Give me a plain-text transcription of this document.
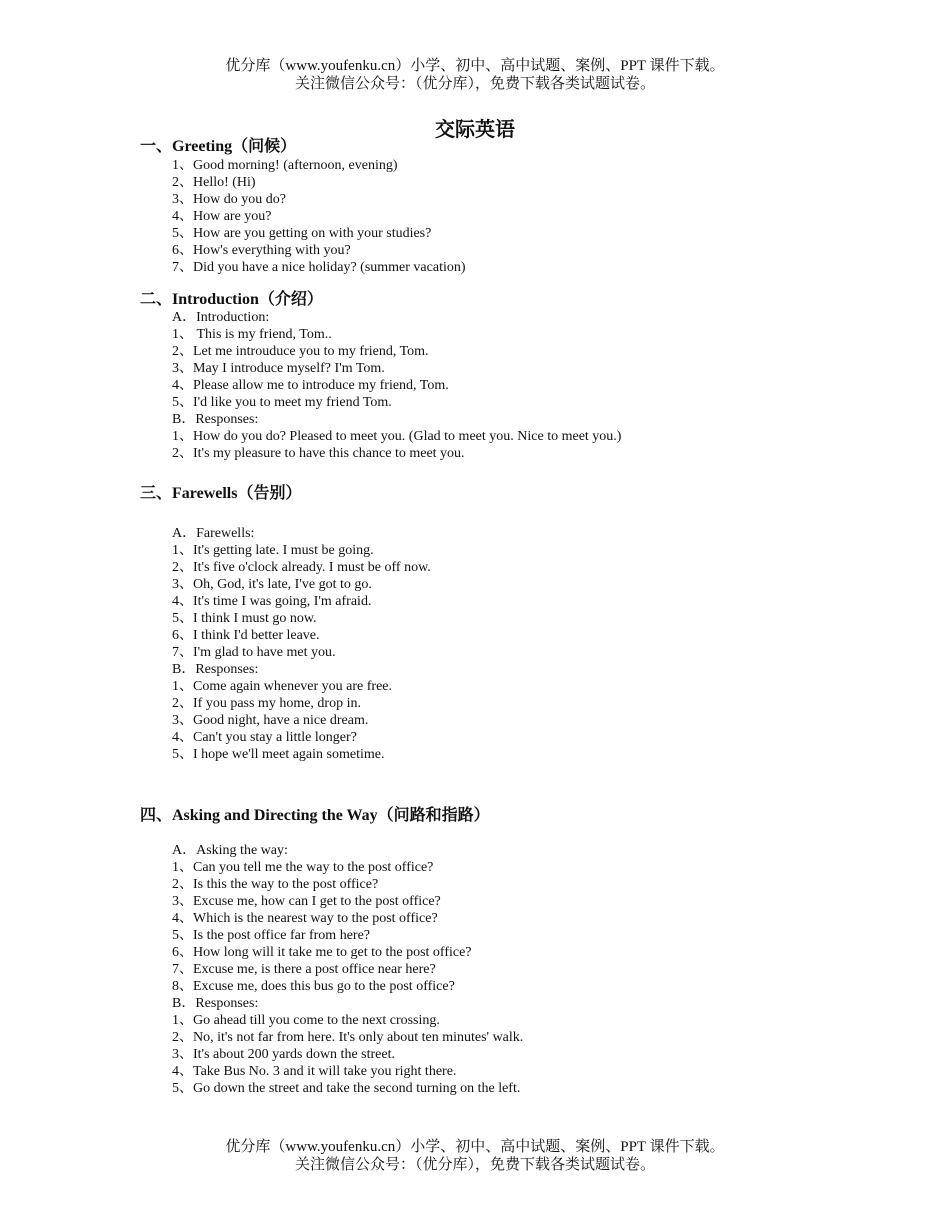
优分库（www.youfenku.cn）小学、初中、高中试题、案例、PPT 课件下载。
关注微信公众号：（优分库），免费下载各类试题试卷。
交际英语
一、Greeting（问候）
1、Good morning! (afternoon, evening)
2、Hello! (Hi)
3、How do you do?
4、How are you?
5、How are you getting on with your studies?
6、How's everything with you?
7、Did you have a nice holiday? (summer vacation)
二、Introduction（介绍）
A．Introduction:
1、 This is my friend, Tom..
2、Let me introuduce you to my friend, Tom.
3、May I introduce myself? I'm Tom.
4、Please allow me to introduce my friend, Tom.
5、I'd like you to meet my friend Tom.
B．Responses:
1、How do you do? Pleased to meet you. (Glad to meet you. Nice to meet you.)
2、It's my pleasure to have this chance to meet you.
三、Farewells（告别）
A．Farewells:
1、It's getting late. I must be going.
2、It's five o'clock already. I must be off now.
3、Oh, God, it's late, I've got to go.
4、It's time I was going, I'm afraid.
5、I think I must go now.
6、I think I'd better leave.
7、I'm glad to have met you.
B．Responses:
1、Come again whenever you are free.
2、If you pass my home, drop in.
3、Good night, have a nice dream.
4、Can't you stay a little longer?
5、I hope we'll meet again sometime.
四、Asking and Directing the Way（问路和指路）
A．Asking the way:
1、Can you tell me the way to the post office?
2、Is this the way to the post office?
3、Excuse me, how can I get to the post office?
4、Which is the nearest way to the post office?
5、Is the post office far from here?
6、How long will it take me to get to the post office?
7、Excuse me, is there a post office near here?
8、Excuse me, does this bus go to the post office?
B．Responses:
1、Go ahead till you come to the next crossing.
2、No, it's not far from here. It's only about ten minutes' walk.
3、It's about 200 yards down the street.
4、Take Bus No. 3 and it will take you right there.
5、Go down the street and take the second turning on the left.
优分库（www.youfenku.cn）小学、初中、高中试题、案例、PPT 课件下载。
关注微信公众号：（优分库），免费下载各类试题试卷。
